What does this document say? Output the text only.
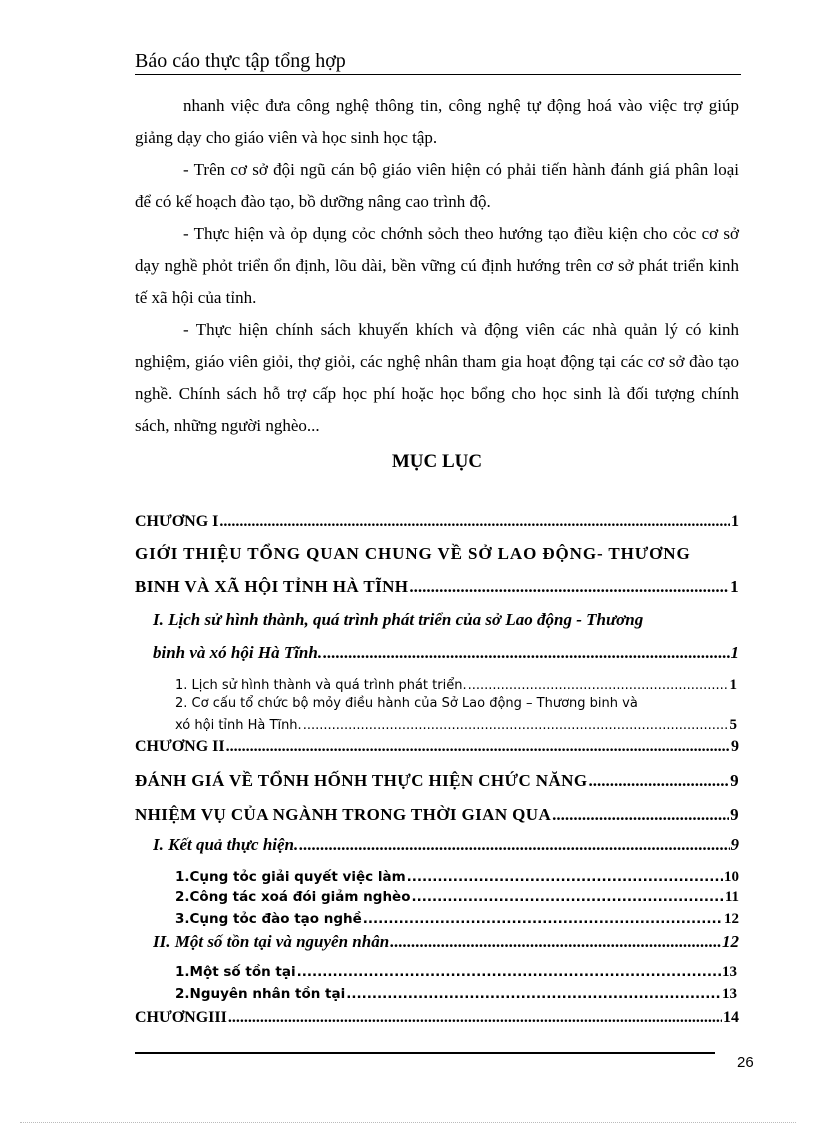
Báo cáo thực tập tổng hợp

nhanh việc đưa công nghệ thông tin, công nghệ tự động hoá vào việc trợ giúp giảng dạy cho giáo viên và học sinh học tập.

- Trên cơ sở đội ngũ cán bộ giáo viên hiện có phải tiến hành đánh giá phân loại để có kế hoạch đào tạo, bồ dưỡng nâng cao trình độ.

- Thực hiện và ỏp dụng cỏc chớnh sỏch theo hướng tạo điều kiện cho cỏc cơ sở dạy nghề phỏt triển ổn định, lõu dài, bền vững cú định hướng trên cơ sở phát triển kinh tế xã hội của tỉnh.

- Thực hiện chính sách khuyến khích và động viên các nhà quản lý có kinh nghiệm, giáo viên giỏi, thợ giỏi, các nghệ nhân tham gia hoạt động tại các cơ sở đào tạo nghề. Chính sách hỗ trợ cấp học phí hoặc học bổng cho học sinh là đối tượng chính sách, những người nghèo...

MỤC LỤC
CHƯƠNG I .....	1
GIỚI THIỆU TỔNG QUAN CHUNG VỀ SỞ LAO ĐỘNG- THƯƠNG
BINH VÀ XÃ HỘI TỈNH HÀ TĨNH .....	1
I. Lịch sử hình thành, quá trình phát triển của sở Lao động - Thương
binh và xó hội Hà Tĩnh. .....	1
1. Lịch sử hình thành và quá trình phát triển. .....	1
2. Cơ cấu tổ chức bộ mỏy điều hành của Sở Lao động – Thương binh và
xó hội tỉnh Hà Tĩnh. .....	5
CHƯƠNG II .....	9
ĐÁNH GIÁ VỀ TỔNH HỐNH THỰC HIỆN CHỨC NĂNG .....	9
NHIỆM VỤ CỦA NGÀNH TRONG THỜI GIAN QUA .....	9
I. Kết quả thực hiện. .....	9
1.Cụng tỏc giải quyết việc làm .....	10
2.Công tác xoá đói giảm nghèo .....	11
3.Cụng tỏc đào tạo nghề .....	12
II. Một số tồn tại và nguyên nhân .....	12
1.Một số tồn tại .....	13
2.Nguyên nhân tồn tại .....	13
CHƯƠNGIII .....	14
26
